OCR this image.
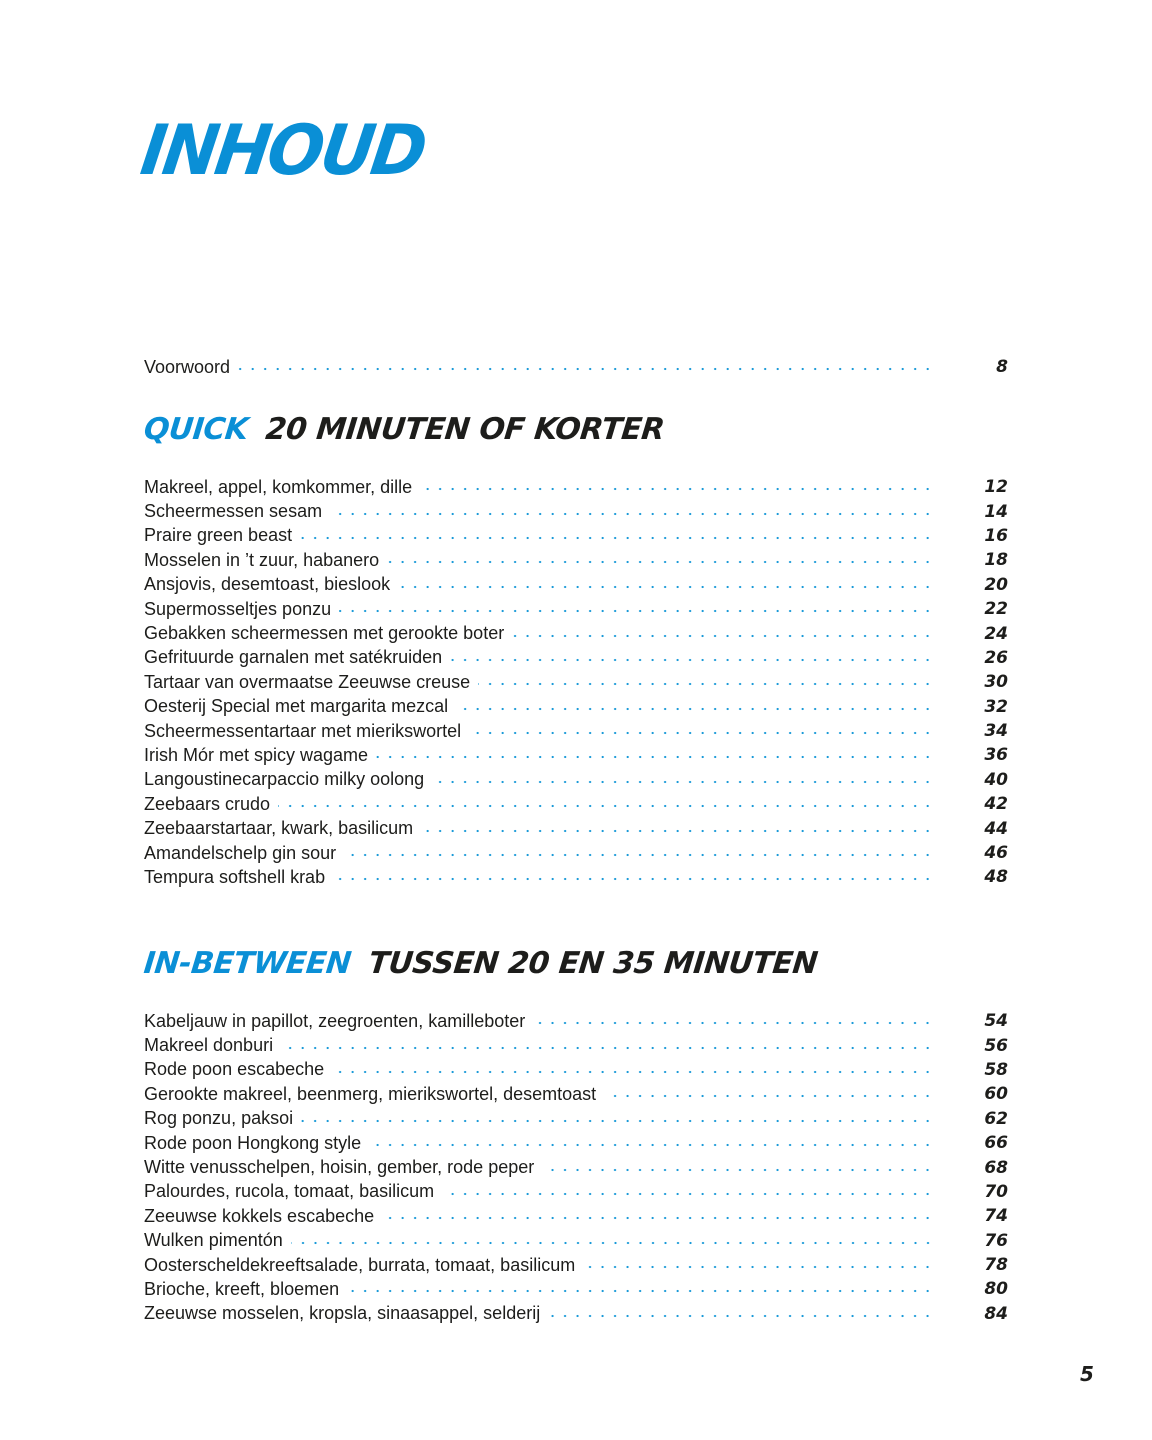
INHOUD
Voorwoord	8
QUICK 20 MINUTEN OF KORTER
Makreel, appel, komkommer, dille	12
Scheermessen sesam	14
Praire green beast	16
Mosselen in ’t zuur, habanero	18
Ansjovis, desemtoast, bieslook	20
Supermosseltjes ponzu	22
Gebakken scheermessen met gerookte boter	24
Gefrituurde garnalen met satékruiden	26
Tartaar van overmaatse Zeeuwse creuse	30
Oesterij Special met margarita mezcal	32
Scheermessentartaar met mierikswortel	34
Irish Mór met spicy wagame	36
Langoustinecarpaccio milky oolong	40
Zeebaars crudo	42
Zeebaarstartaar, kwark, basilicum	44
Amandelschelp gin sour	46
Tempura softshell krab	48
IN-BETWEEN TUSSEN 20 EN 35 MINUTEN
Kabeljauw in papillot, zeegroenten, kamilleboter	54
Makreel donburi	56
Rode poon escabeche	58
Gerookte makreel, beenmerg, mierikswortel, desemtoast	60
Rog ponzu, paksoi	62
Rode poon Hongkong style	66
Witte venusschelpen, hoisin, gember, rode peper	68
Palourdes, rucola, tomaat, basilicum	70
Zeeuwse kokkels escabeche	74
Wulken pimentón	76
Oosterscheldekreeftsalade, burrata, tomaat, basilicum	78
Brioche, kreeft, bloemen	80
Zeeuwse mosselen, kropsla, sinaasappel, selderij	84
5
